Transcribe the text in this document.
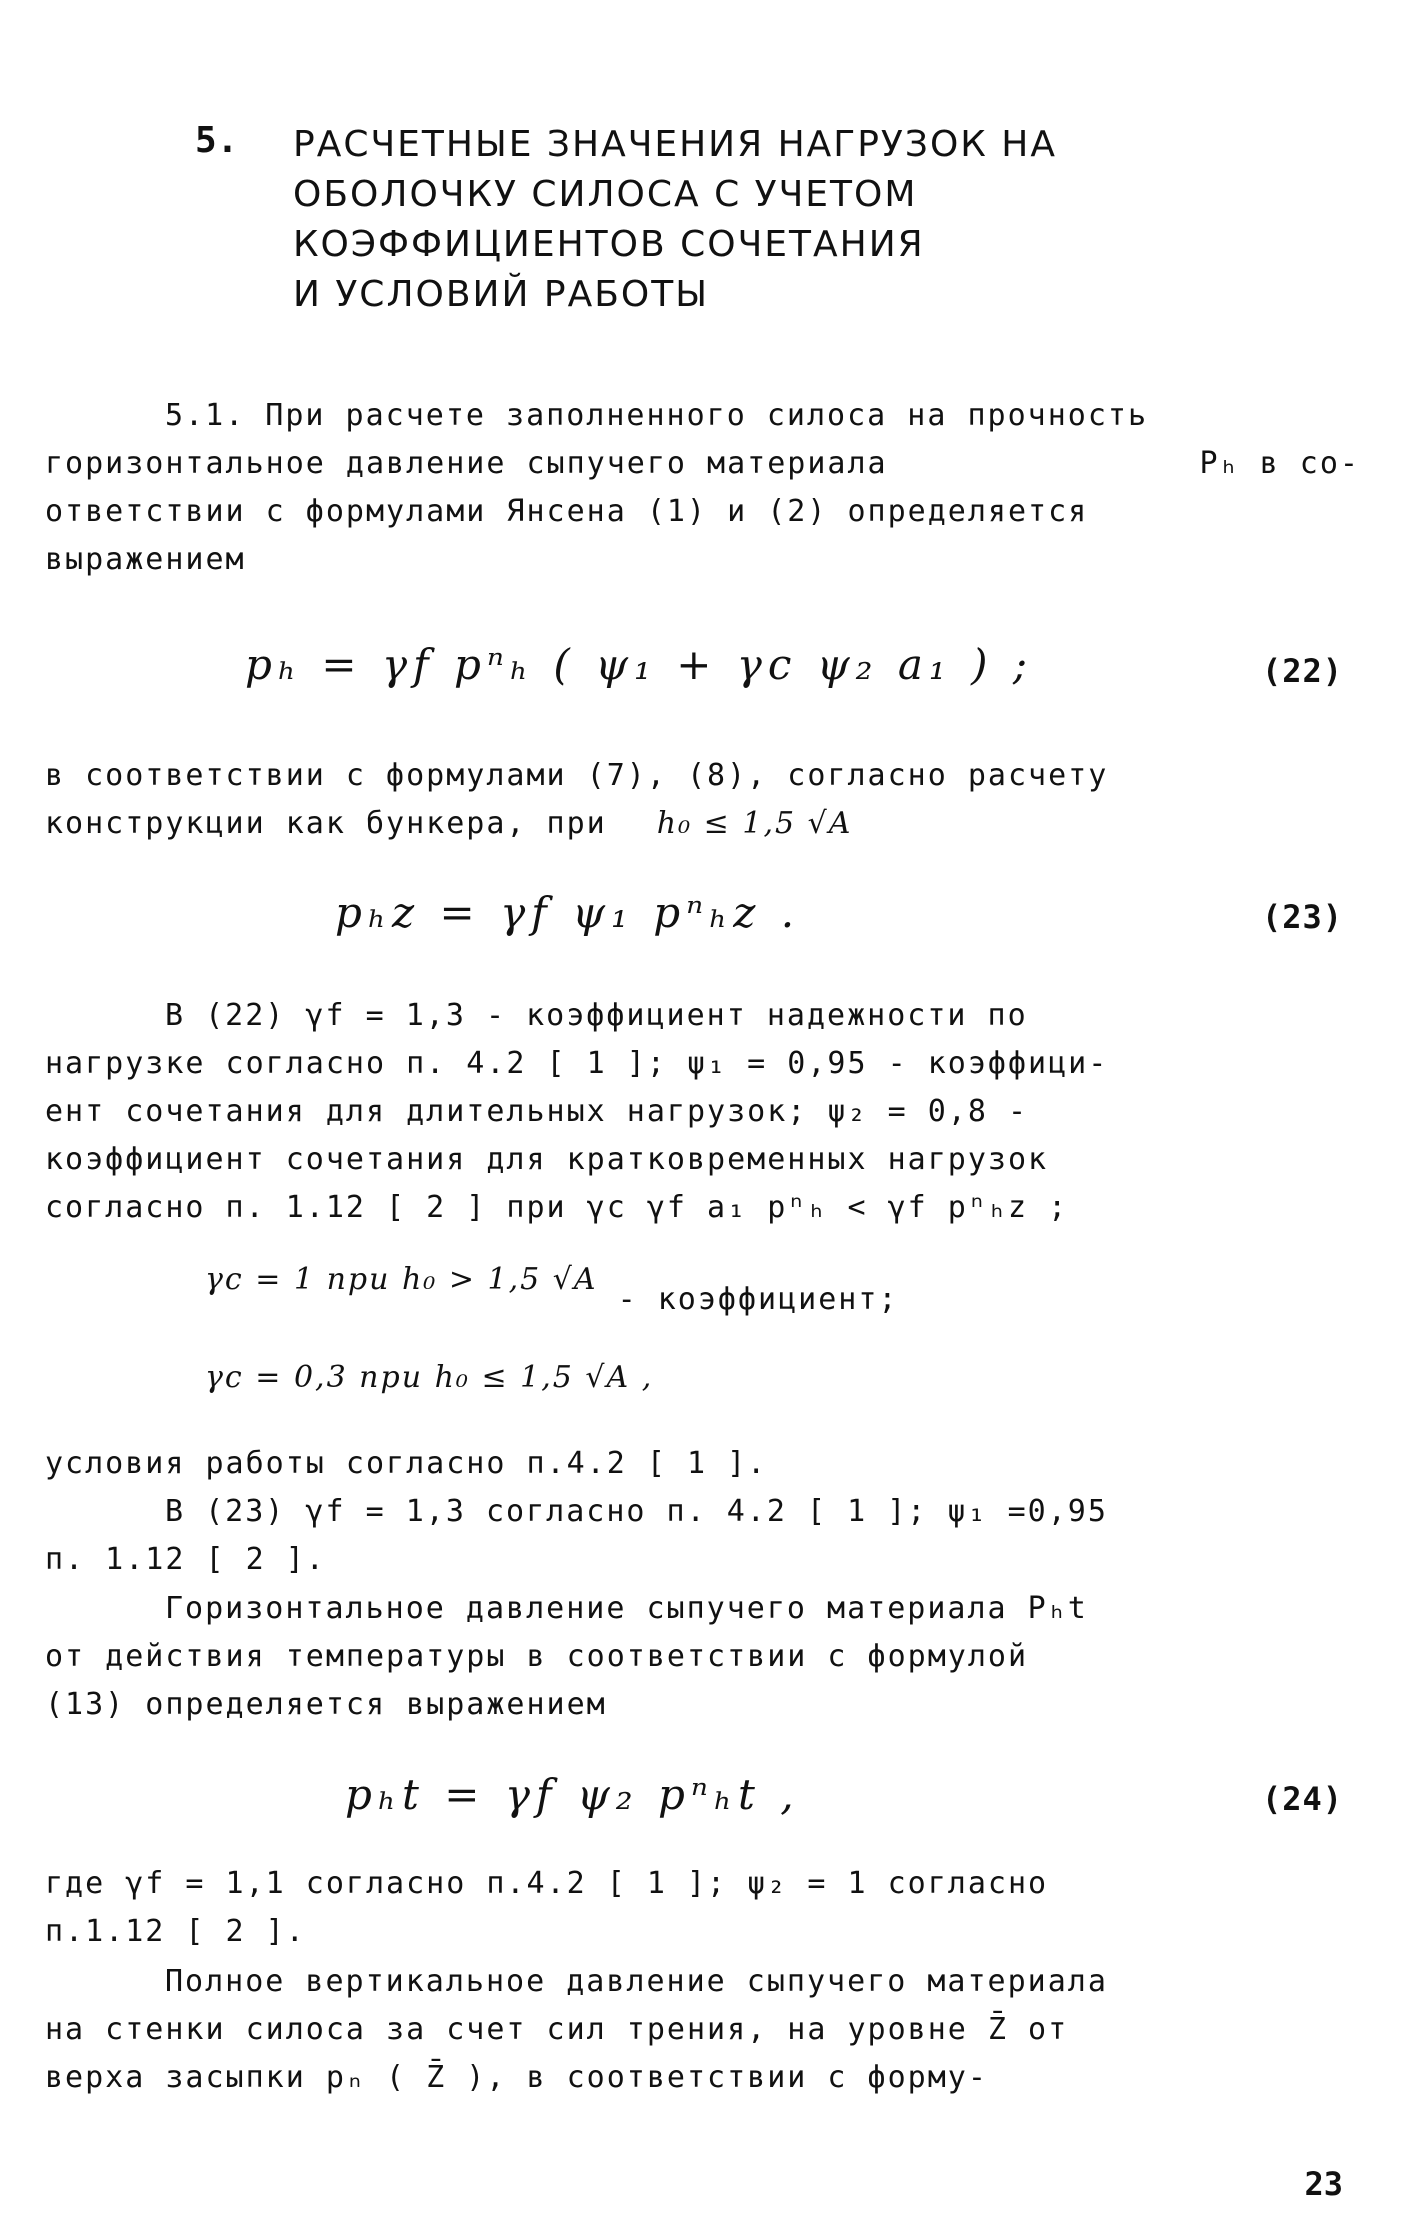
5. РАСЧЕТНЫЕ ЗНАЧЕНИЯ НАГРУЗОК НА
ОБОЛОЧКУ СИЛОСА С УЧЕТОМ
КОЭФФИЦИЕНТОВ СОЧЕТАНИЯ
И УСЛОВИЙ РАБОТЫ
5.1. При расчете заполненного силоса на прочность
горизонтальное давление сыпучего материала	Pₕ в со-
ответствии с формулами Янсена (1) и (2) определяется
выражением
pₕ = γf pⁿₕ ( ψ₁ + γc ψ₂ a₁ ) ;	(22)
в соответствии с формулами (7), (8), согласно расчету
конструкции как бункера, при h₀ ≤ 1,5 √A
pₕz = γf ψ₁ pⁿₕz .	(23)
В (22) γf = 1,3 - коэффициент надежности по
нагрузке согласно п. 4.2 [ 1 ]; ψ₁ = 0,95 - коэффици-
ент сочетания для длительных нагрузок; ψ₂ = 0,8 -
коэффициент сочетания для кратковременных нагрузок
согласно п. 1.12 [ 2 ] при γc γf a₁ pⁿₕ < γf pⁿₕz ;
γc = 1 при h₀ > 1,5 √A - коэффициент;
γc = 0,3 при h₀ ≤ 1,5 √A ,
условия работы согласно п.4.2 [ 1 ].
В (23) γf = 1,3 согласно п. 4.2 [ 1 ]; ψ₁ =0,95
п. 1.12 [ 2 ].
Горизонтальное давление сыпучего материала Pₕt
от действия температуры в соответствии с формулой
(13) определяется выражением
pₕt = γf ψ₂ pⁿₕt ,	(24)
где γf = 1,1 согласно п.4.2 [ 1 ]; ψ₂ = 1 согласно
п.1.12 [ 2 ].
Полное вертикальное давление сыпучего материала
на стенки силоса за счет сил трения, на уровне Z̄ от
верха засыпки pₙ ( Z̄ ), в соответствии с форму-
23
